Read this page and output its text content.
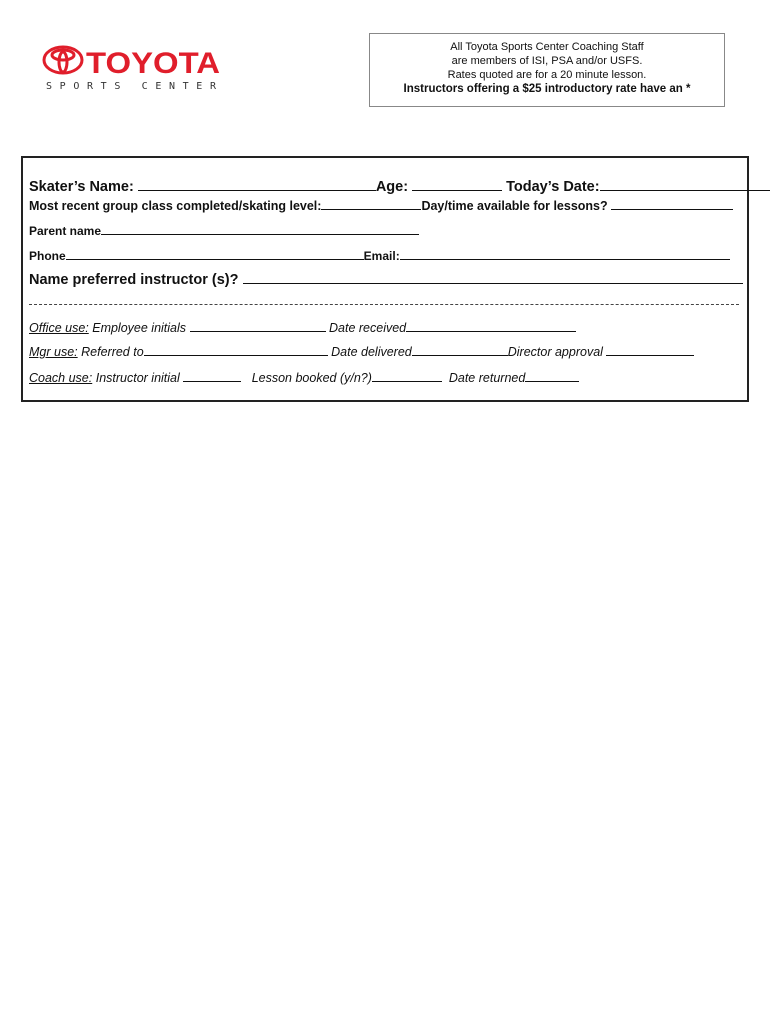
TOYOTA
SPORTS CENTER
All Toyota Sports Center Coaching Staff
are members of ISI, PSA and/or USFS.
Rates quoted are for a 20 minute lesson.
Instructors offering a $25 introductory rate have an *
Skater’s Name:	Age:	Today’s Date:
Most recent group class completed/skating level:	Day/time available for lessons?
Parent name
Phone	Email:
Name preferred instructor (s)?
Office use: Employee initials	Date received
Mgr use: Referred to	Date delivered	Director approval
Coach use: Instructor initial	Lesson booked (y/n?)	Date returned
